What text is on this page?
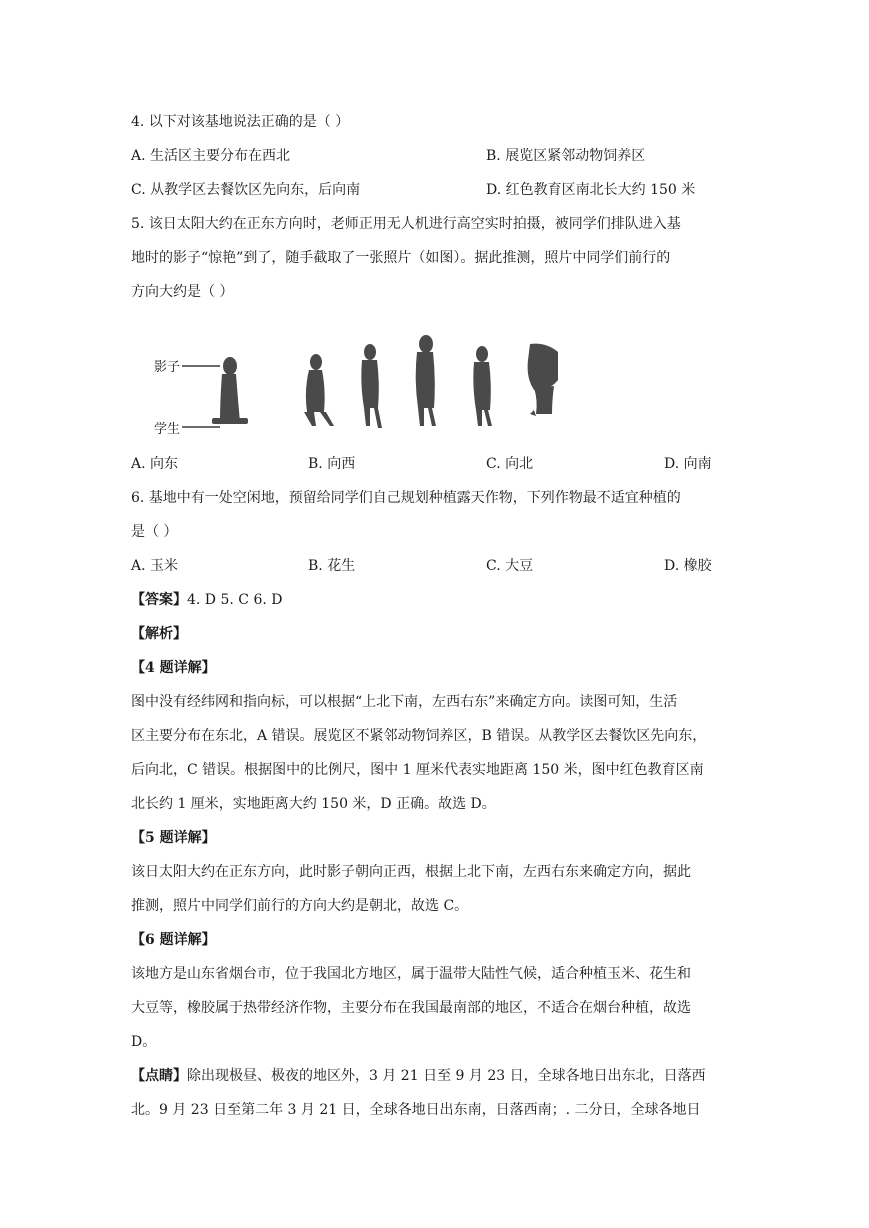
4. 以下对该基地说法正确的是（ ）
A. 生活区主要分布在西北	B. 展览区紧邻动物饲养区
C. 从教学区去餐饮区先向东，后向南	D. 红色教育区南北长大约 150 米
5. 该日太阳大约在正东方向时，老师正用无人机进行高空实时拍摄，被同学们排队进入基
地时的影子“惊艳”到了，随手截取了一张照片（如图）。据此推测，照片中同学们前行的
方向大约是（ ）
影子
学生
A. 向东	B. 向西	C. 向北	D. 向南
6. 基地中有一处空闲地，预留给同学们自己规划种植露天作物，下列作物最不适宜种植的
是（ ）
A. 玉米	B. 花生	C. 大豆	D. 橡胶
【答案】4. D 5. C 6. D
【解析】
【4 题详解】
图中没有经纬网和指向标，可以根据“上北下南，左西右东”来确定方向。读图可知，生活
区主要分布在东北，A 错误。展览区不紧邻动物饲养区，B 错误。从教学区去餐饮区先向东，
后向北，C 错误。根据图中的比例尺，图中 1 厘米代表实地距离 150 米，图中红色教育区南
北长约 1 厘米，实地距离大约 150 米，D 正确。故选 D。
【5 题详解】
该日太阳大约在正东方向，此时影子朝向正西，根据上北下南，左西右东来确定方向，据此
推测，照片中同学们前行的方向大约是朝北，故选 C。
【6 题详解】
该地方是山东省烟台市，位于我国北方地区，属于温带大陆性气候，适合种植玉米、花生和
大豆等，橡胶属于热带经济作物，主要分布在我国最南部的地区，不适合在烟台种植，故选
D。
【点睛】除出现极昼、极夜的地区外，3 月 21 日至 9 月 23 日，全球各地日出东北，日落西
北。9 月 23 日至第二年 3 月 21 日，全球各地日出东南，日落西南；. 二分日，全球各地日
